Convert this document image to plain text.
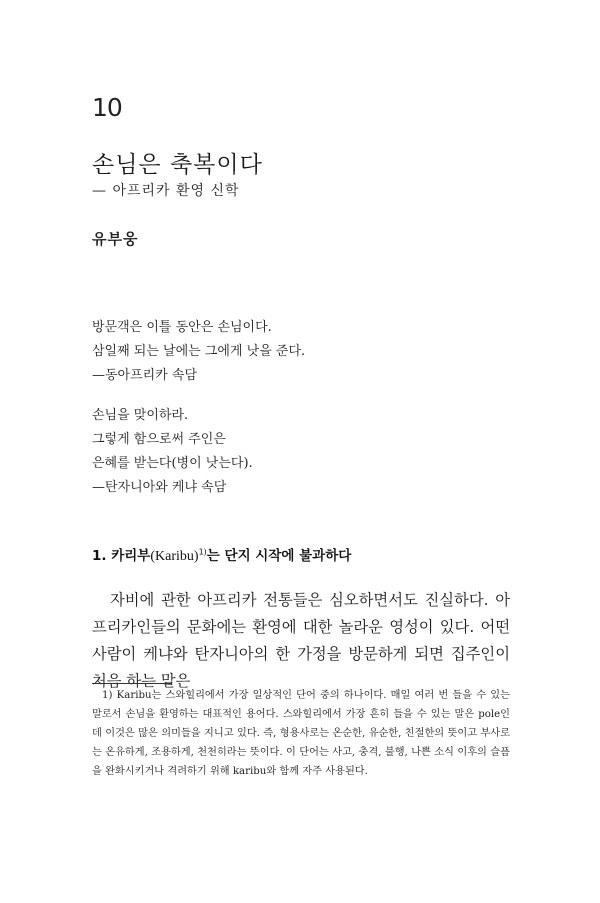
10
손님은 축복이다
— 아프리카 환영 신학
유부웅
방문객은 이틀 동안은 손님이다.
삼일째 되는 날에는 그에게 낫을 준다.
—동아프리카 속담
손님을 맞이하라.
그렇게 함으로써 주인은
은혜를 받는다(병이 낫는다).
—탄자니아와 케냐 속담
1. 카리부(Karibu)$^{1)}$는 단지 시작에 불과하다
자비에 관한 아프리카 전통들은 심오하면서도 진실하다. 아프리카인들의 문화에는 환영에 대한 놀라운 영성이 있다. 어떤 사람이 케냐와 탄자니아의 한 가정을 방문하게 되면 집주인이 처음 하는 말은
1) Karibu는 스와힐리에서 가장 일상적인 단어 중의 하나이다. 매일 여러 번 들을 수 있는 말로서 손님을 환영하는 대표적인 용어다. 스와힐리에서 가장 흔히 들을 수 있는 말은 pole인데 이것은 많은 의미들을 지니고 있다. 즉, 형용사로는 온순한, 유순한, 친절한의 뜻이고 부사로는 온유하게, 조용하게, 천천히라는 뜻이다. 이 단어는 사고, 충격, 불행, 나쁜 소식 이후의 슬픔을 완화시키거나 격려하기 위해 karibu와 함께 자주 사용된다.
